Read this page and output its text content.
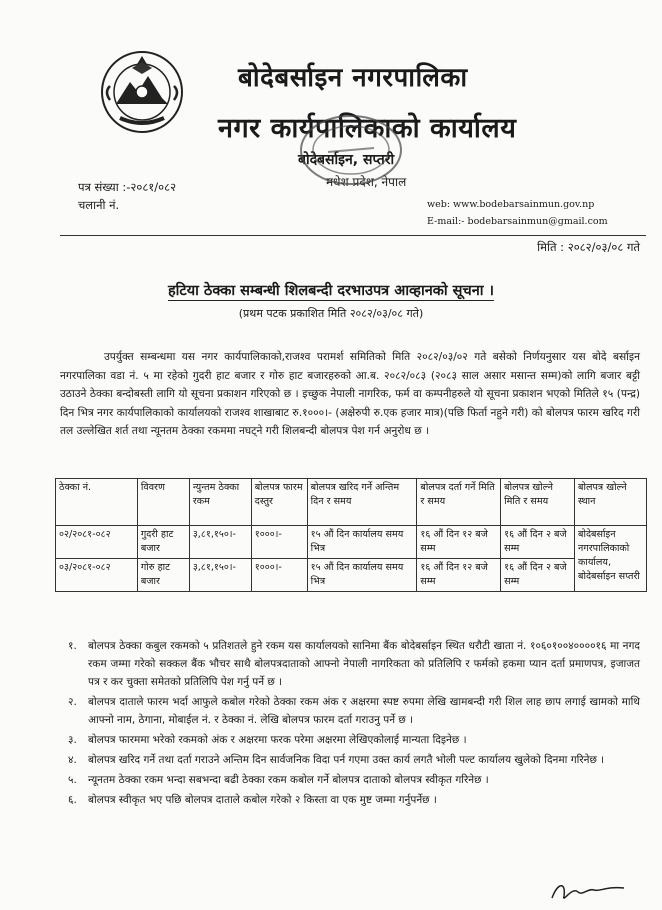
बोदेबर्साइन नगरपालिका
नगर कार्यपालिकाको कार्यालय
बोदेबर्साइन, सप्तरी
मधेश प्रदेश, नेपाल
पत्र संख्या :-२०८१/०८२
चलानी नं.	web: www.bodebarsainmun.gov.np
E-mail:- bodebarsainmun@gmail.com
मिति : २०८२/०३/०८ गते
हटिया ठेक्का सम्बन्धी शिलबन्दी दरभाउपत्र आव्हानको सूचना ।
(प्रथम पटक प्रकाशित मिति २०८२/०३/०८ गते)
उपर्युक्त सम्बन्धमा यस नगर कार्यपालिकाको,राजश्व परामर्श समितिको मिति २०८२/०३/०२ गते बसेको निर्णयनुसार यस बोदे बर्साइन नगरपालिका वडा नं. ५ मा रहेको गुदरी हाट बजार र गोरु हाट बजारहरुको आ.ब. २०८२/०८३ (२०८३ साल असार मसान्त सम्म)को लागि बजार बट्टी उठाउने ठेक्का बन्दोबस्ती लागि यो सूचना प्रकाशन गरिएको छ । इच्छुक नेपाली नागरिक, फर्म वा कम्पनीहरुले यो सूचना प्रकाशन भएको मितिले १५ (पन्द्र) दिन भित्र नगर कार्यपालिकाको कार्यालयको राजश्व शाखाबाट रु.१०००।- (अक्षेरुपी रु.एक हजार मात्र)(पछि फिर्ता नहुने गरी) को बोलपत्र फारम खरिद गरी तल उल्लेखित शर्त तथा न्यूनतम ठेक्का रकममा नघट्ने गरी शिलबन्दी बोलपत्र पेश गर्न अनुरोध छ ।
ठेक्का नं.	विवरण	न्युन्तम ठेक्का रकम	बोलपत्र फारम दस्तुर	बोलपत्र खरिद गर्ने अन्तिम दिन र समय	बोलपत्र दर्ता गर्ने मिति र समय	बोलपत्र खोल्ने मिति र समय	बोलपत्र खोल्ने स्थान
०२/२०८१-०८२	गुदरी हाट बजार	३,८१,१५०।-	१०००।-	१५ औं दिन कार्यालय समय भित्र	१६ औं दिन १२ बजे सम्म	१६ औं दिन २ बजे सम्म	बोदेबर्साइन नगरपालिकाको कार्यालय, बोदेबर्साइन सप्तरी
०३/२०८१-०८२	गोरु हाट बजार	३,८१,१५०।-	१०००।-	१५ औं दिन कार्यालय समय भित्र	१६ औं दिन १२ बजे सम्म	१६ औं दिन २ बजे सम्म	
१.	बोलपत्र ठेक्का कबुल रकमको ५ प्रतिशतले हुने रकम यस कार्यालयको सानिमा बैंक बोदेबर्साइन स्थित धरौटी खाता नं. १०६०१००४००००१६ मा नगद रकम जम्मा गरेको सक्कल बैंक भौचर साथै बोलपत्रदाताको आफ्नो नेपाली नागरिकता को प्रतिलिपि र फर्मको हकमा प्यान दर्ता प्रमाणपत्र, इजाजत पत्र र कर चुक्ता समेतको प्रतिलिपि पेश गर्नु पर्ने छ ।
२.	बोलपत्र दाताले फारम भर्दा आफुले कबोल गरेको ठेक्का रकम अंक र अक्षरमा स्पष्ट रुपमा लेखि खामबन्दी गरी शिल लाह छाप लगाई खामको माथि आफ्नो नाम, ठेगाना, मोबाईल नं. र ठेक्का नं. लेखि बोलपत्र फारम दर्ता गराउनु पर्ने छ ।
३.	बोलपत्र फारममा भरेको रकमको अंक र अक्षरमा फरक परेमा अक्षरमा लेखिएकोलाई मान्यता दिइनेछ ।
४.	बोलपत्र खरिद गर्ने तथा दर्ता गराउने अन्तिम दिन सार्वजनिक विदा पर्न गएमा उक्त कार्य लगतै भोली पल्ट कार्यालय खुलेको दिनमा गरिनेछ ।
५.	न्यूनतम ठेक्का रकम भन्दा सबभन्दा बढी ठेक्का रकम कबोल गर्ने बोलपत्र दाताको बोलपत्र स्वीकृत गरिनेछ ।
६.	बोलपत्र स्वीकृत भए पछि बोलपत्र दाताले कबोल गरेको २ किस्ता वा एक मुष्ट जम्मा गर्नुपर्नेछ ।
